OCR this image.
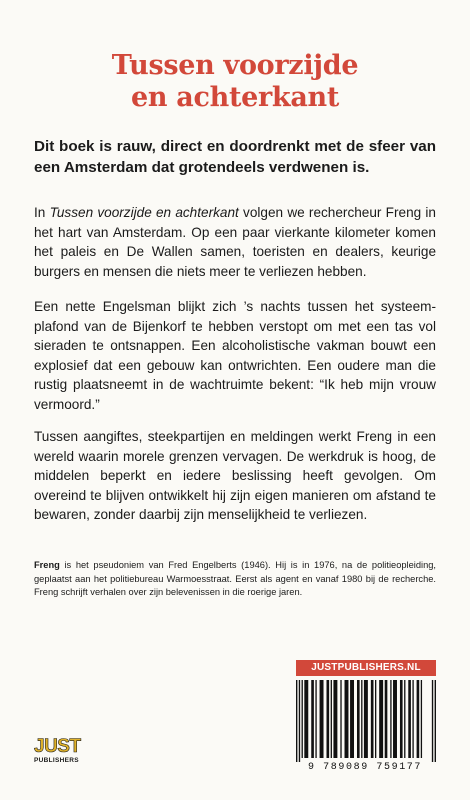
Tussen voorzijde
en achterkant

Dit boek is rauw, direct en doordrenkt met de sfeer van een Amsterdam dat grotendeels verdwenen is.

In Tussen voorzijde en achterkant volgen we rechercheur Freng in het hart van Amsterdam. Op een paar vierkante kilometer komen het paleis en De Wallen samen, toeristen en dealers, keurige burgers en mensen die niets meer te verliezen hebben.

Een nette Engelsman blijkt zich ’s nachts tussen het systeemplafond van de Bijenkorf te hebben verstopt om met een tas vol sieraden te ontsnappen. Een alcoholistische vakman bouwt een explosief dat een gebouw kan ontwrichten. Een oudere man die rustig plaatsneemt in de wachtruimte bekent: “Ik heb mijn vrouw vermoord.”

Tussen aangiftes, steekpartijen en meldingen werkt Freng in een wereld waarin morele grenzen vervagen. De werkdruk is hoog, de middelen beperkt en iedere beslissing heeft gevolgen. Om overeind te blijven ontwikkelt hij zijn eigen manieren om afstand te bewaren, zonder daarbij zijn menselijkheid te verliezen.

Freng is het pseudoniem van Fred Engelberts (1946). Hij is in 1976, na de politieopleiding, geplaatst aan het politiebureau Warmoesstraat. Eerst als agent en vanaf 1980 bij de recherche. Freng schrijft verhalen over zijn belevenissen in die roerige jaren.

JUSTPUBLISHERS.NL
9 789089 759177
JUST
PUBLISHERS
